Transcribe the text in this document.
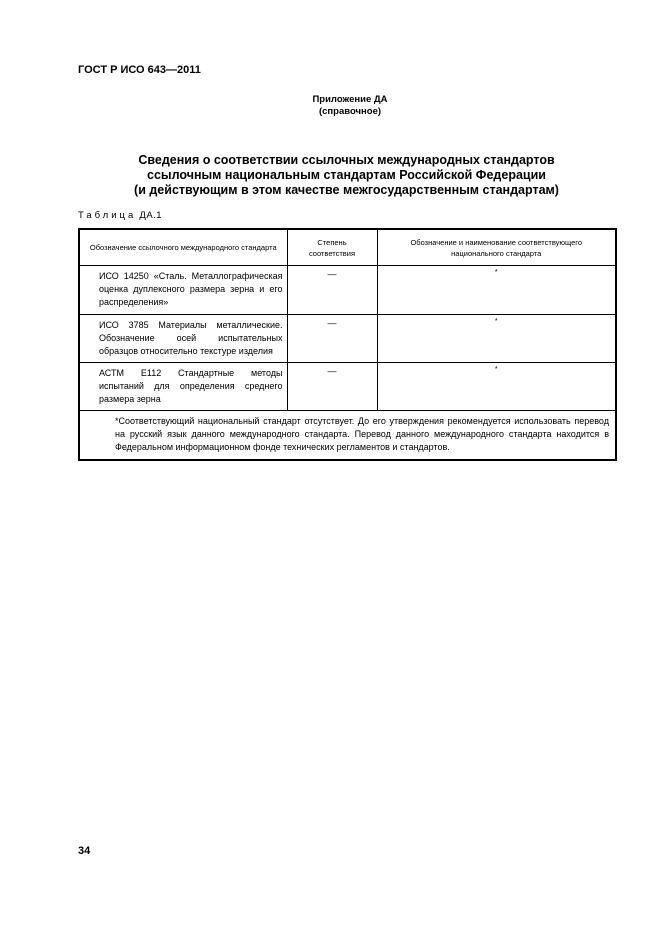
ГОСТ Р ИСО 643—2011
Приложение ДА
(справочное)
Сведения о соответствии ссылочных международных стандартов
ссылочным национальным стандартам Российской Федерации
(и действующим в этом качестве межгосударственным стандартам)
Таблица ДА.1
Обозначение ссылочного международного стандарта	Степень соответствия	Обозначение и наименование соответствующего национального стандарта

ИСО 14250 «Сталь. Металлографическая оценка дуплексного размера зерна и его распределения»	—	*

ИСО 3785 Материалы металлические. Обозначение осей испытательных образцов относительно текстуре изделия	—	*

АСТМ Е112 Стандартные методы испытаний для определения среднего размера зерна	—	*

*Соответствующий национальный стандарт отсутствует. До его утверждения рекомендуется использовать перевод на русский язык данного международного стандарта. Перевод данного международного стандарта находится в Федеральном информационном фонде технических регламентов и стандартов.		
34
